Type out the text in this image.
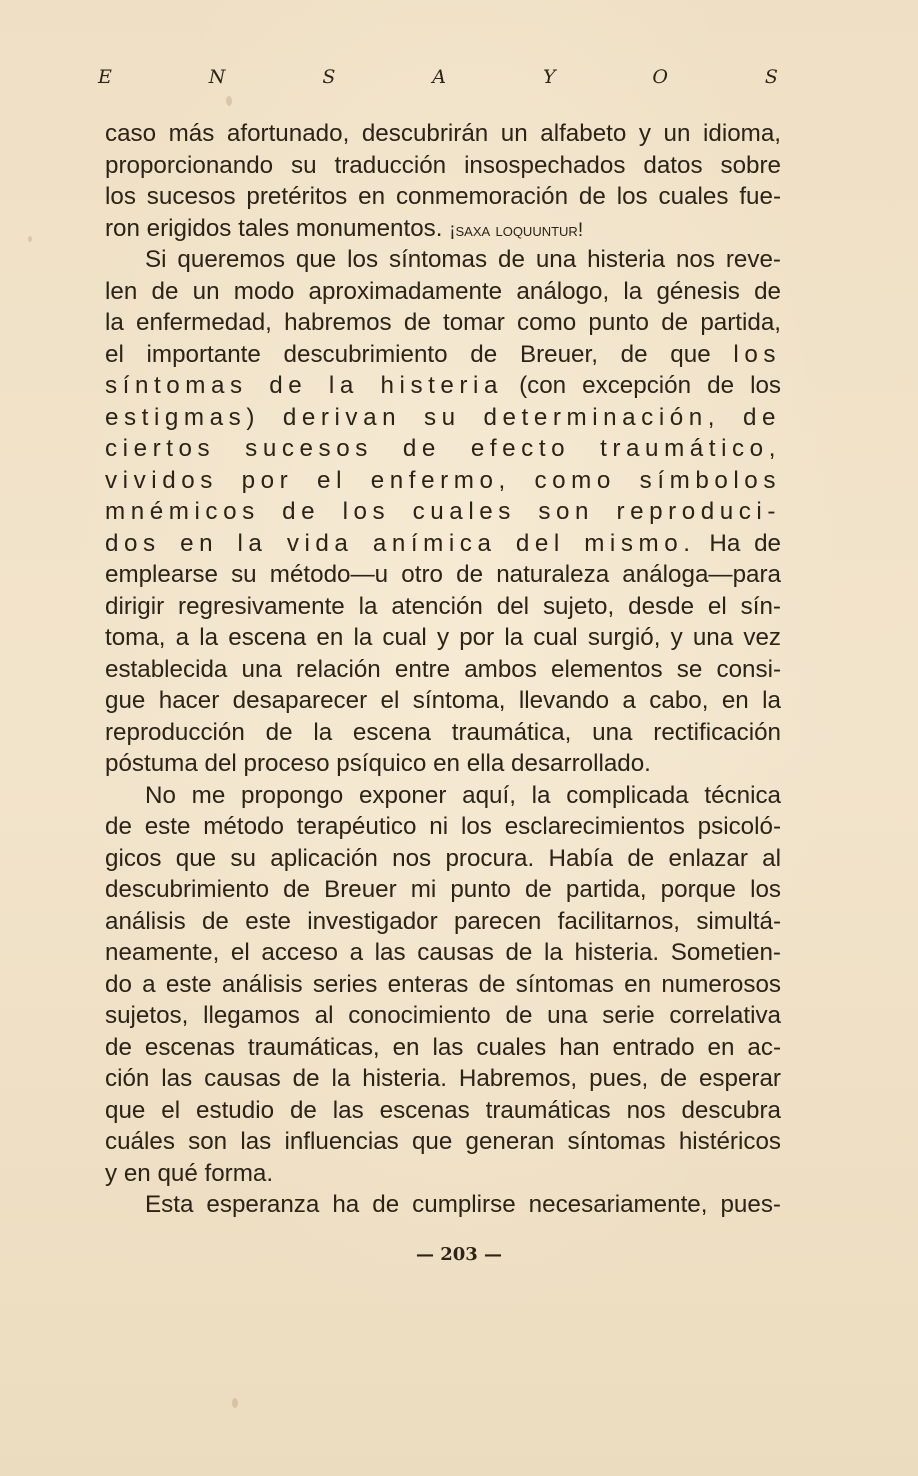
E	N	S	A	Y	O	S
caso más afortunado, descubrirán un alfabeto y un idioma,
proporcionando su traducción insospechados datos sobre
los sucesos pretéritos en conmemoración de los cuales fue-
ron erigidos tales monumentos. ¡saxa loquuntur!
Si queremos que los síntomas de una histeria nos reve-
len de un modo aproximadamente análogo, la génesis de
la enfermedad, habremos de tomar como punto de partida,
el importante descubrimiento de Breuer, de que los
síntomas de la histeria (con excepción de los
estigmas) derivan su determinación, de
ciertos sucesos de efecto traumático,
vividos por el enfermo, como símbolos
mnémicos de los cuales son reproduci-
dos en la vida anímica del mismo. Ha de
emplearse su método—u otro de naturaleza análoga—para
dirigir regresivamente la atención del sujeto, desde el sín-
toma, a la escena en la cual y por la cual surgió, y una vez
establecida una relación entre ambos elementos se consi-
gue hacer desaparecer el síntoma, llevando a cabo, en la
reproducción de la escena traumática, una rectificación
póstuma del proceso psíquico en ella desarrollado.
No me propongo exponer aquí, la complicada técnica
de este método terapéutico ni los esclarecimientos psicoló-
gicos que su aplicación nos procura. Había de enlazar al
descubrimiento de Breuer mi punto de partida, porque los
análisis de este investigador parecen facilitarnos, simultá-
neamente, el acceso a las causas de la histeria. Sometien-
do a este análisis series enteras de síntomas en numerosos
sujetos, llegamos al conocimiento de una serie correlativa
de escenas traumáticas, en las cuales han entrado en ac-
ción las causas de la histeria. Habremos, pues, de esperar
que el estudio de las escenas traumáticas nos descubra
cuáles son las influencias que generan síntomas histéricos
y en qué forma.
Esta esperanza ha de cumplirse necesariamente, pues-
— 203 —
